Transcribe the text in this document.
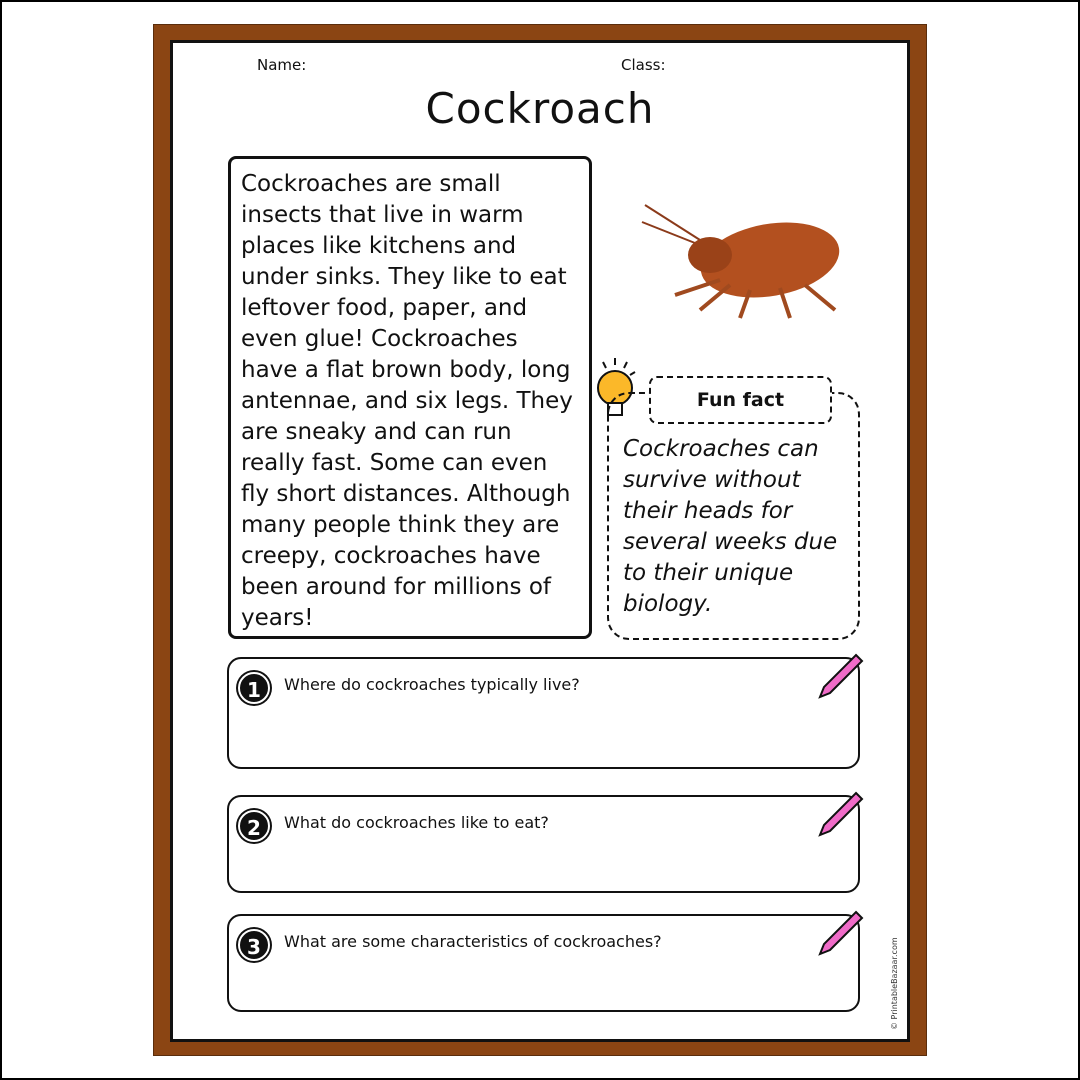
Name:	Class:
Cockroach
Cockroaches are small insects that live in warm places like kitchens and under sinks. They like to eat leftover food, paper, and even glue! Cockroaches have a flat brown body, long antennae, and six legs. They are sneaky and can run really fast. Some can even fly short distances. Although many people think they are creepy, cockroaches have been around for millions of years!
Fun fact
Cockroaches can survive without their heads for several weeks due to their unique biology.
1	Where do cockroaches typically live?
2	What do cockroaches like to eat?
3	What are some characteristics of cockroaches?	© PrintableBazaar.com
